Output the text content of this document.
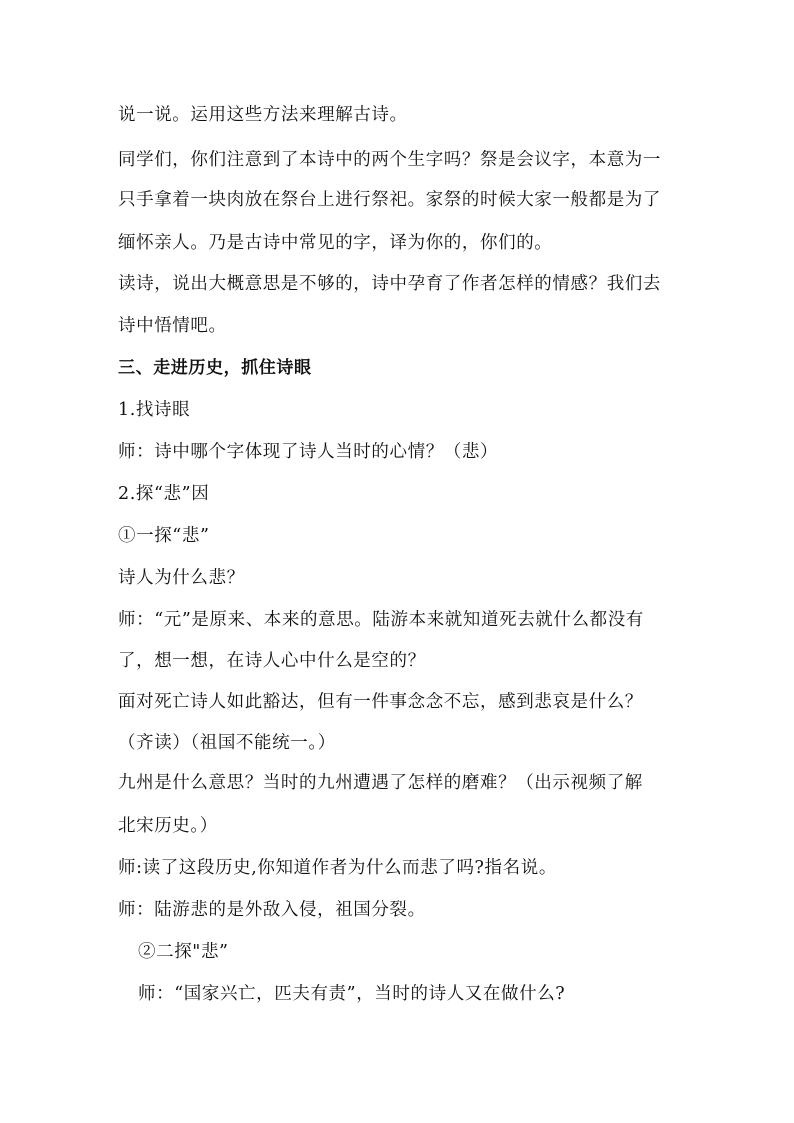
说一说。运用这些方法来理解古诗。
同学们，你们注意到了本诗中的两个生字吗？祭是会议字，本意为一
只手拿着一块肉放在祭台上进行祭祀。家祭的时候大家一般都是为了
缅怀亲人。乃是古诗中常见的字，译为你的，你们的。
读诗，说出大概意思是不够的，诗中孕育了作者怎样的情感？我们去
诗中悟情吧。
三、走进历史，抓住诗眼
1.找诗眼
师：诗中哪个字体现了诗人当时的心情？（悲）
2.探“悲”因
①一探“悲”
诗人为什么悲？
师：“元”是原来、本来的意思。陆游本来就知道死去就什么都没有
了，想一想，在诗人心中什么是空的？
面对死亡诗人如此豁达，但有一件事念念不忘，感到悲哀是什么？
（齐读）（祖国不能统一。）
九州是什么意思？当时的九州遭遇了怎样的磨难？（出示视频了解
北宋历史。）
师:读了这段历史,你知道作者为什么而悲了吗?指名说。
师：陆游悲的是外敌入侵，祖国分裂。
②二探"悲”
师：“国家兴亡，匹夫有责”，当时的诗人又在做什么?
